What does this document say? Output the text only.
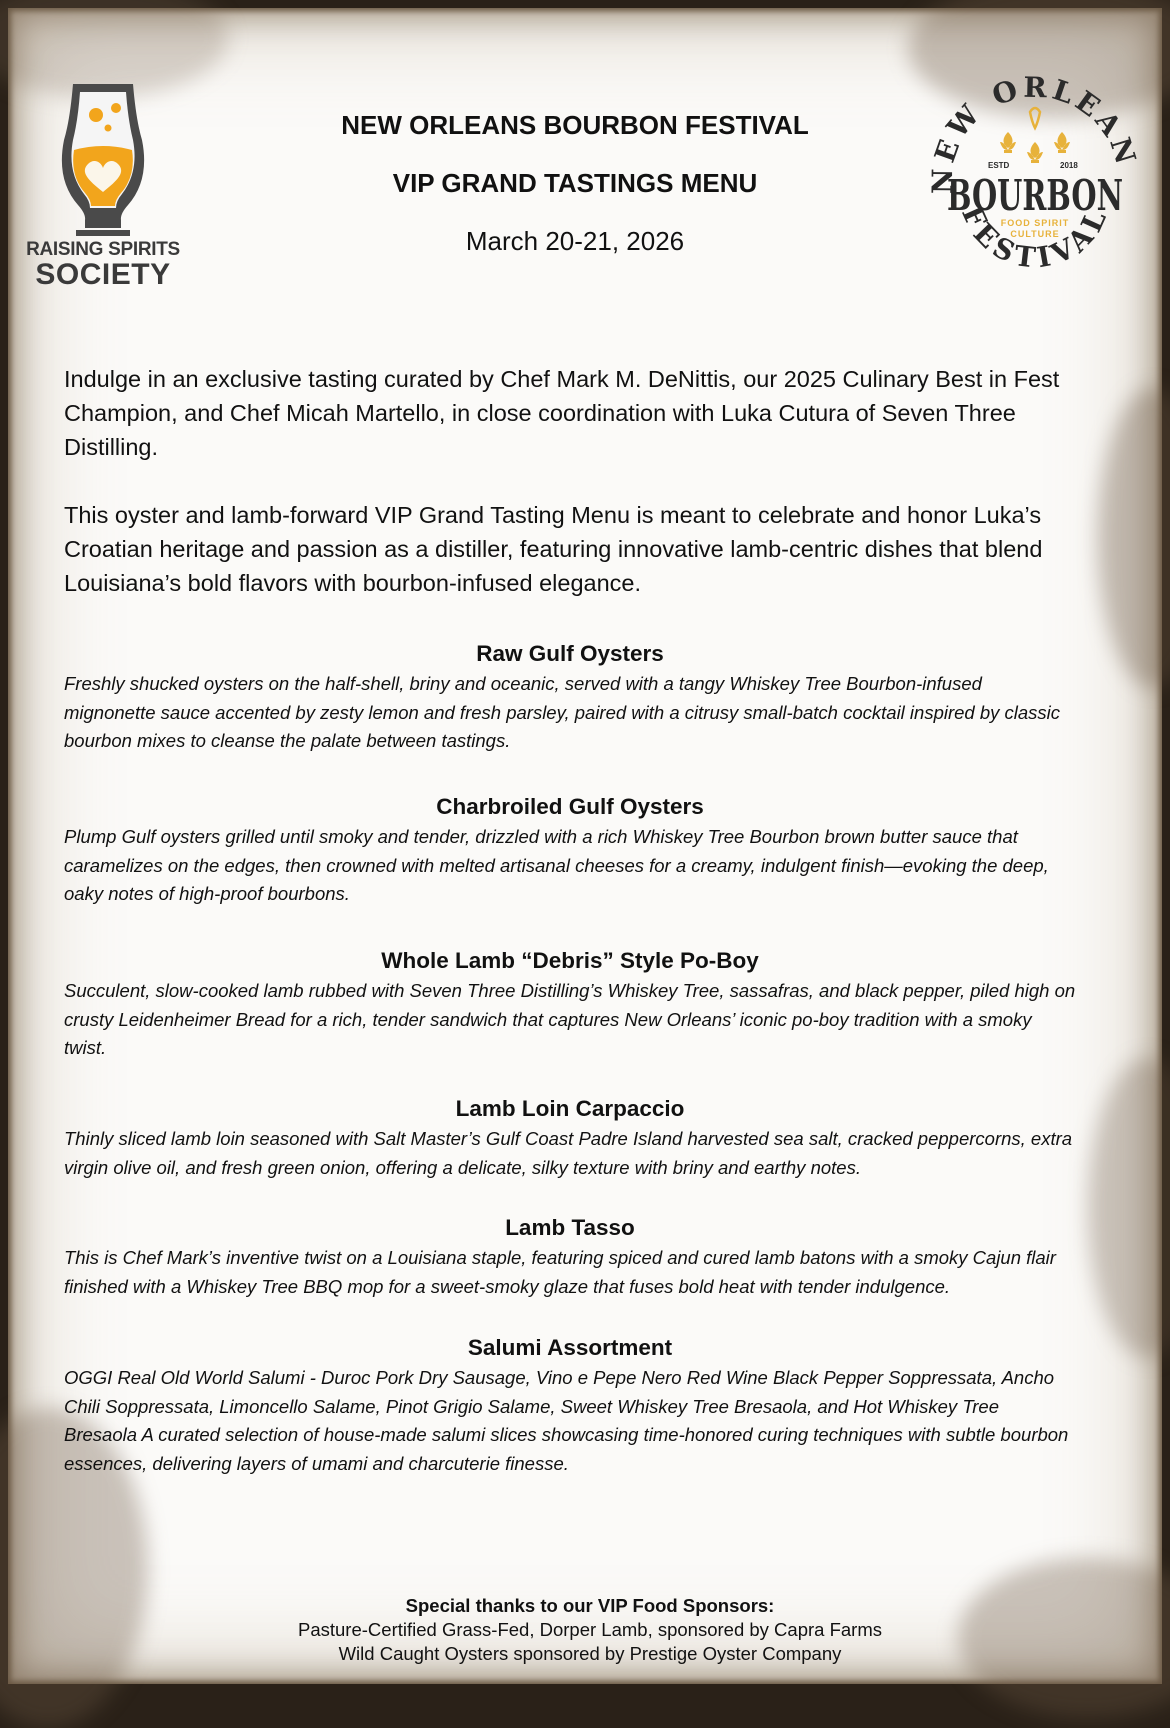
RAISING SPIRITS
SOCIETY
EW ORLEAN
FESTIVAL
ESTD	2018
BOURBON
FOOD SPIRIT
CULTURE
NEW ORLEANS BOURBON FESTIVAL
VIP GRAND TASTINGS MENU
March 20-21, 2026
Indulge in an exclusive tasting curated by Chef Mark M. DeNittis, our 2025 Culinary Best in Fest Champion, and Chef Micah Martello, in close coordination with Luka Cutura of Seven Three Distilling.
This oyster and lamb-forward VIP Grand Tasting Menu is meant to celebrate and honor Luka’s Croatian heritage and passion as a distiller, featuring innovative lamb-centric dishes that blend Louisiana’s bold flavors with bourbon-infused elegance.
Raw Gulf Oysters
Freshly shucked oysters on the half-shell, briny and oceanic, served with a tangy Whiskey Tree Bourbon-infused mignonette sauce accented by zesty lemon and fresh parsley, paired with a citrusy small-batch cocktail inspired by classic bourbon mixes to cleanse the palate between tastings.
Charbroiled Gulf Oysters
Plump Gulf oysters grilled until smoky and tender, drizzled with a rich Whiskey Tree Bourbon brown butter sauce that caramelizes on the edges, then crowned with melted artisanal cheeses for a creamy, indulgent finish—evoking the deep, oaky notes of high-proof bourbons.
Whole Lamb “Debris” Style Po-Boy
Succulent, slow-cooked lamb rubbed with Seven Three Distilling’s Whiskey Tree, sassafras, and black pepper, piled high on crusty Leidenheimer Bread for a rich, tender sandwich that captures New Orleans’ iconic po-boy tradition with a smoky twist.
Lamb Loin Carpaccio
Thinly sliced lamb loin seasoned with Salt Master’s Gulf Coast Padre Island harvested sea salt, cracked peppercorns, extra virgin olive oil, and fresh green onion, offering a delicate, silky texture with briny and earthy notes.
Lamb Tasso
This is Chef Mark’s inventive twist on a Louisiana staple, featuring spiced and cured lamb batons with a smoky Cajun flair finished with a Whiskey Tree BBQ mop for a sweet-smoky glaze that fuses bold heat with tender indulgence.
Salumi Assortment
OGGI Real Old World Salumi - Duroc Pork Dry Sausage, Vino e Pepe Nero Red Wine Black Pepper Soppressata, Ancho Chili Soppressata, Limoncello Salame, Pinot Grigio Salame, Sweet Whiskey Tree Bresaola, and Hot Whiskey Tree Bresaola A curated selection of house-made salumi slices showcasing time-honored curing techniques with subtle bourbon essences, delivering layers of umami and charcuterie finesse.
Special thanks to our VIP Food Sponsors:
Pasture-Certified Grass-Fed, Dorper Lamb, sponsored by Capra Farms
Wild Caught Oysters sponsored by Prestige Oyster Company
